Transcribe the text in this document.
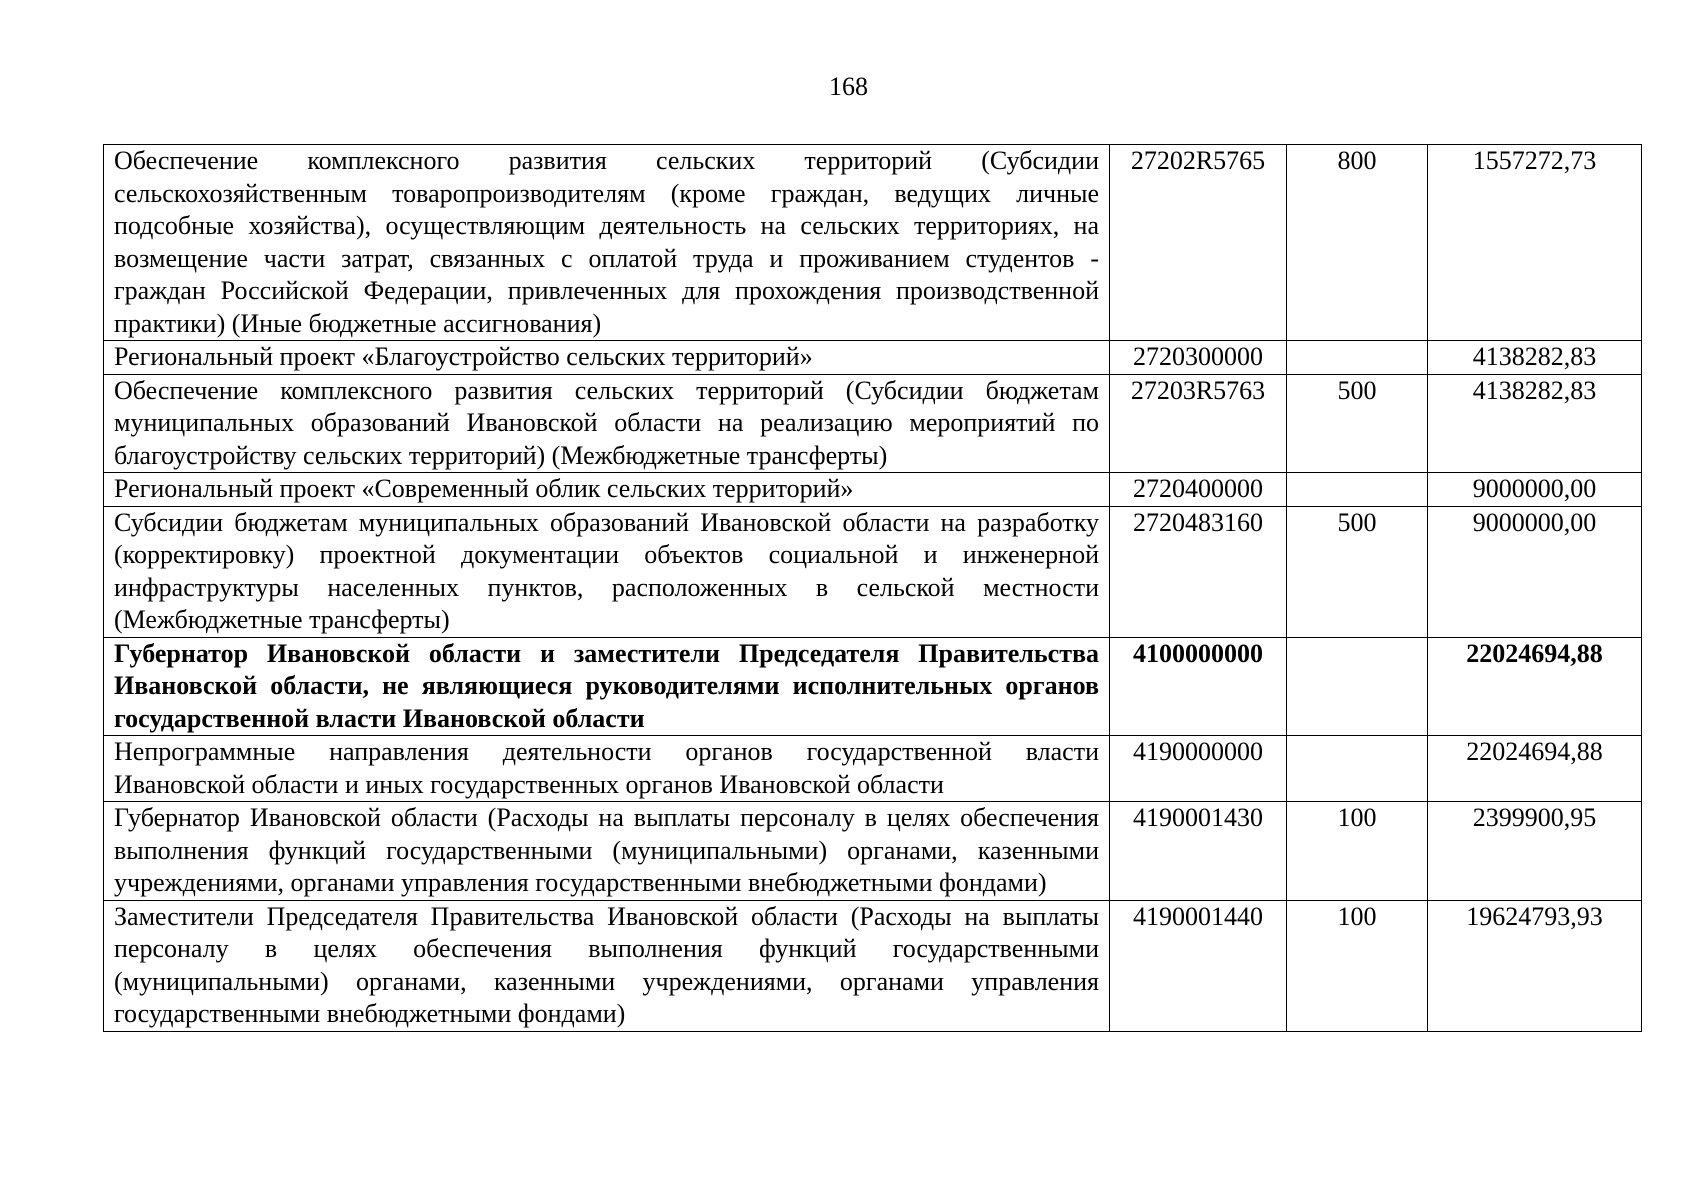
168
Обеспечение комплексного развития сельских территорий (Субсидии сельскохозяйственным товаропроизводителям (кроме граждан, ведущих личные подсобные хозяйства), осуществляющим деятельность на сельских территориях, на возмещение части затрат, связанных с оплатой труда и проживанием студентов - граждан Российской Федерации, привлеченных для прохождения производственной практики) (Иные бюджетные ассигнования)	27202R5765	800	1557272,73
Региональный проект «Благоустройство сельских территорий»	2720300000		4138282,83
Обеспечение комплексного развития сельских территорий (Субсидии бюджетам муниципальных образований Ивановской области на реализацию мероприятий по благоустройству сельских территорий) (Межбюджетные трансферты)	27203R5763	500	4138282,83
Региональный проект «Современный облик сельских территорий»	2720400000		9000000,00
Субсидии бюджетам муниципальных образований Ивановской области на разработку (корректировку) проектной документации объектов социальной и инженерной инфраструктуры населенных пунктов, расположенных в сельской местности (Межбюджетные трансферты)	2720483160	500	9000000,00
Губернатор Ивановской области и заместители Председателя Правительства Ивановской области, не являющиеся руководителями исполнительных органов государственной власти Ивановской области	4100000000		22024694,88
Непрограммные направления деятельности органов государственной власти Ивановской области и иных государственных органов Ивановской области	4190000000		22024694,88
Губернатор Ивановской области (Расходы на выплаты персоналу в целях обеспечения выполнения функций государственными (муниципальными) органами, казенными учреждениями, органами управления государственными внебюджетными фондами)	4190001430	100	2399900,95
Заместители Председателя Правительства Ивановской области (Расходы на выплаты персоналу в целях обеспечения выполнения функций государственными (муниципальными) органами, казенными учреждениями, органами управления государственными внебюджетными фондами)	4190001440	100	19624793,93
